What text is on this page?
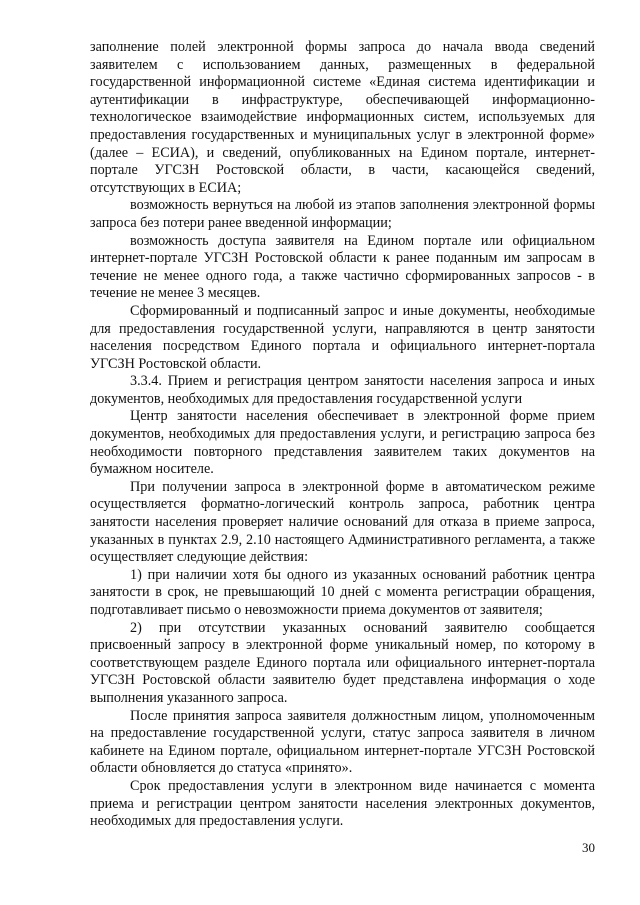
заполнение полей электронной формы запроса до начала ввода сведений заявителем с использованием данных, размещенных в федеральной государственной информационной системе «Единая система идентификации и аутентификации в инфраструктуре, обеспечивающей информационно-технологическое взаимодействие информационных систем, используемых для предоставления государственных и муниципальных услуг в электронной форме» (далее – ЕСИА), и сведений, опубликованных на Едином портале, интернет-портале УГСЗН Ростовской области, в части, касающейся сведений, отсутствующих в ЕСИА;

возможность вернуться на любой из этапов заполнения электронной формы запроса без потери ранее введенной информации;

возможность доступа заявителя на Едином портале или официальном интернет-портале УГСЗН Ростовской области к ранее поданным им запросам в течение не менее одного года, а также частично сформированных запросов - в течение не менее 3 месяцев.

Сформированный и подписанный запрос и иные документы, необходимые для предоставления государственной услуги, направляются в центр занятости населения посредством Единого портала и официального интернет-портала УГСЗН Ростовской области.

3.3.4. Прием и регистрация центром занятости населения запроса и иных документов, необходимых для предоставления государственной услуги

Центр занятости населения обеспечивает в электронной форме прием документов, необходимых для предоставления услуги, и регистрацию запроса без необходимости повторного представления заявителем таких документов на бумажном носителе.

При получении запроса в электронной форме в автоматическом режиме осуществляется форматно-логический контроль запроса, работник центра занятости населения проверяет наличие оснований для отказа в приеме запроса, указанных в пунктах 2.9, 2.10 настоящего Административного регламента, а также осуществляет следующие действия:

1) при наличии хотя бы одного из указанных оснований работник центра занятости в срок, не превышающий 10 дней с момента регистрации обращения, подготавливает письмо о невозможности приема документов от заявителя;

2) при отсутствии указанных оснований заявителю сообщается присвоенный запросу в электронной форме уникальный номер, по которому в соответствующем разделе Единого портала или официального интернет-портала УГСЗН Ростовской области заявителю будет представлена информация о ходе выполнения указанного запроса.

После принятия запроса заявителя должностным лицом, уполномоченным на предоставление государственной услуги, статус запроса заявителя в личном кабинете на Едином портале, официальном интернет-портале УГСЗН Ростовской области обновляется до статуса «принято».

Срок предоставления услуги в электронном виде начинается с момента приема и регистрации центром занятости населения электронных документов, необходимых для предоставления услуги.

30
